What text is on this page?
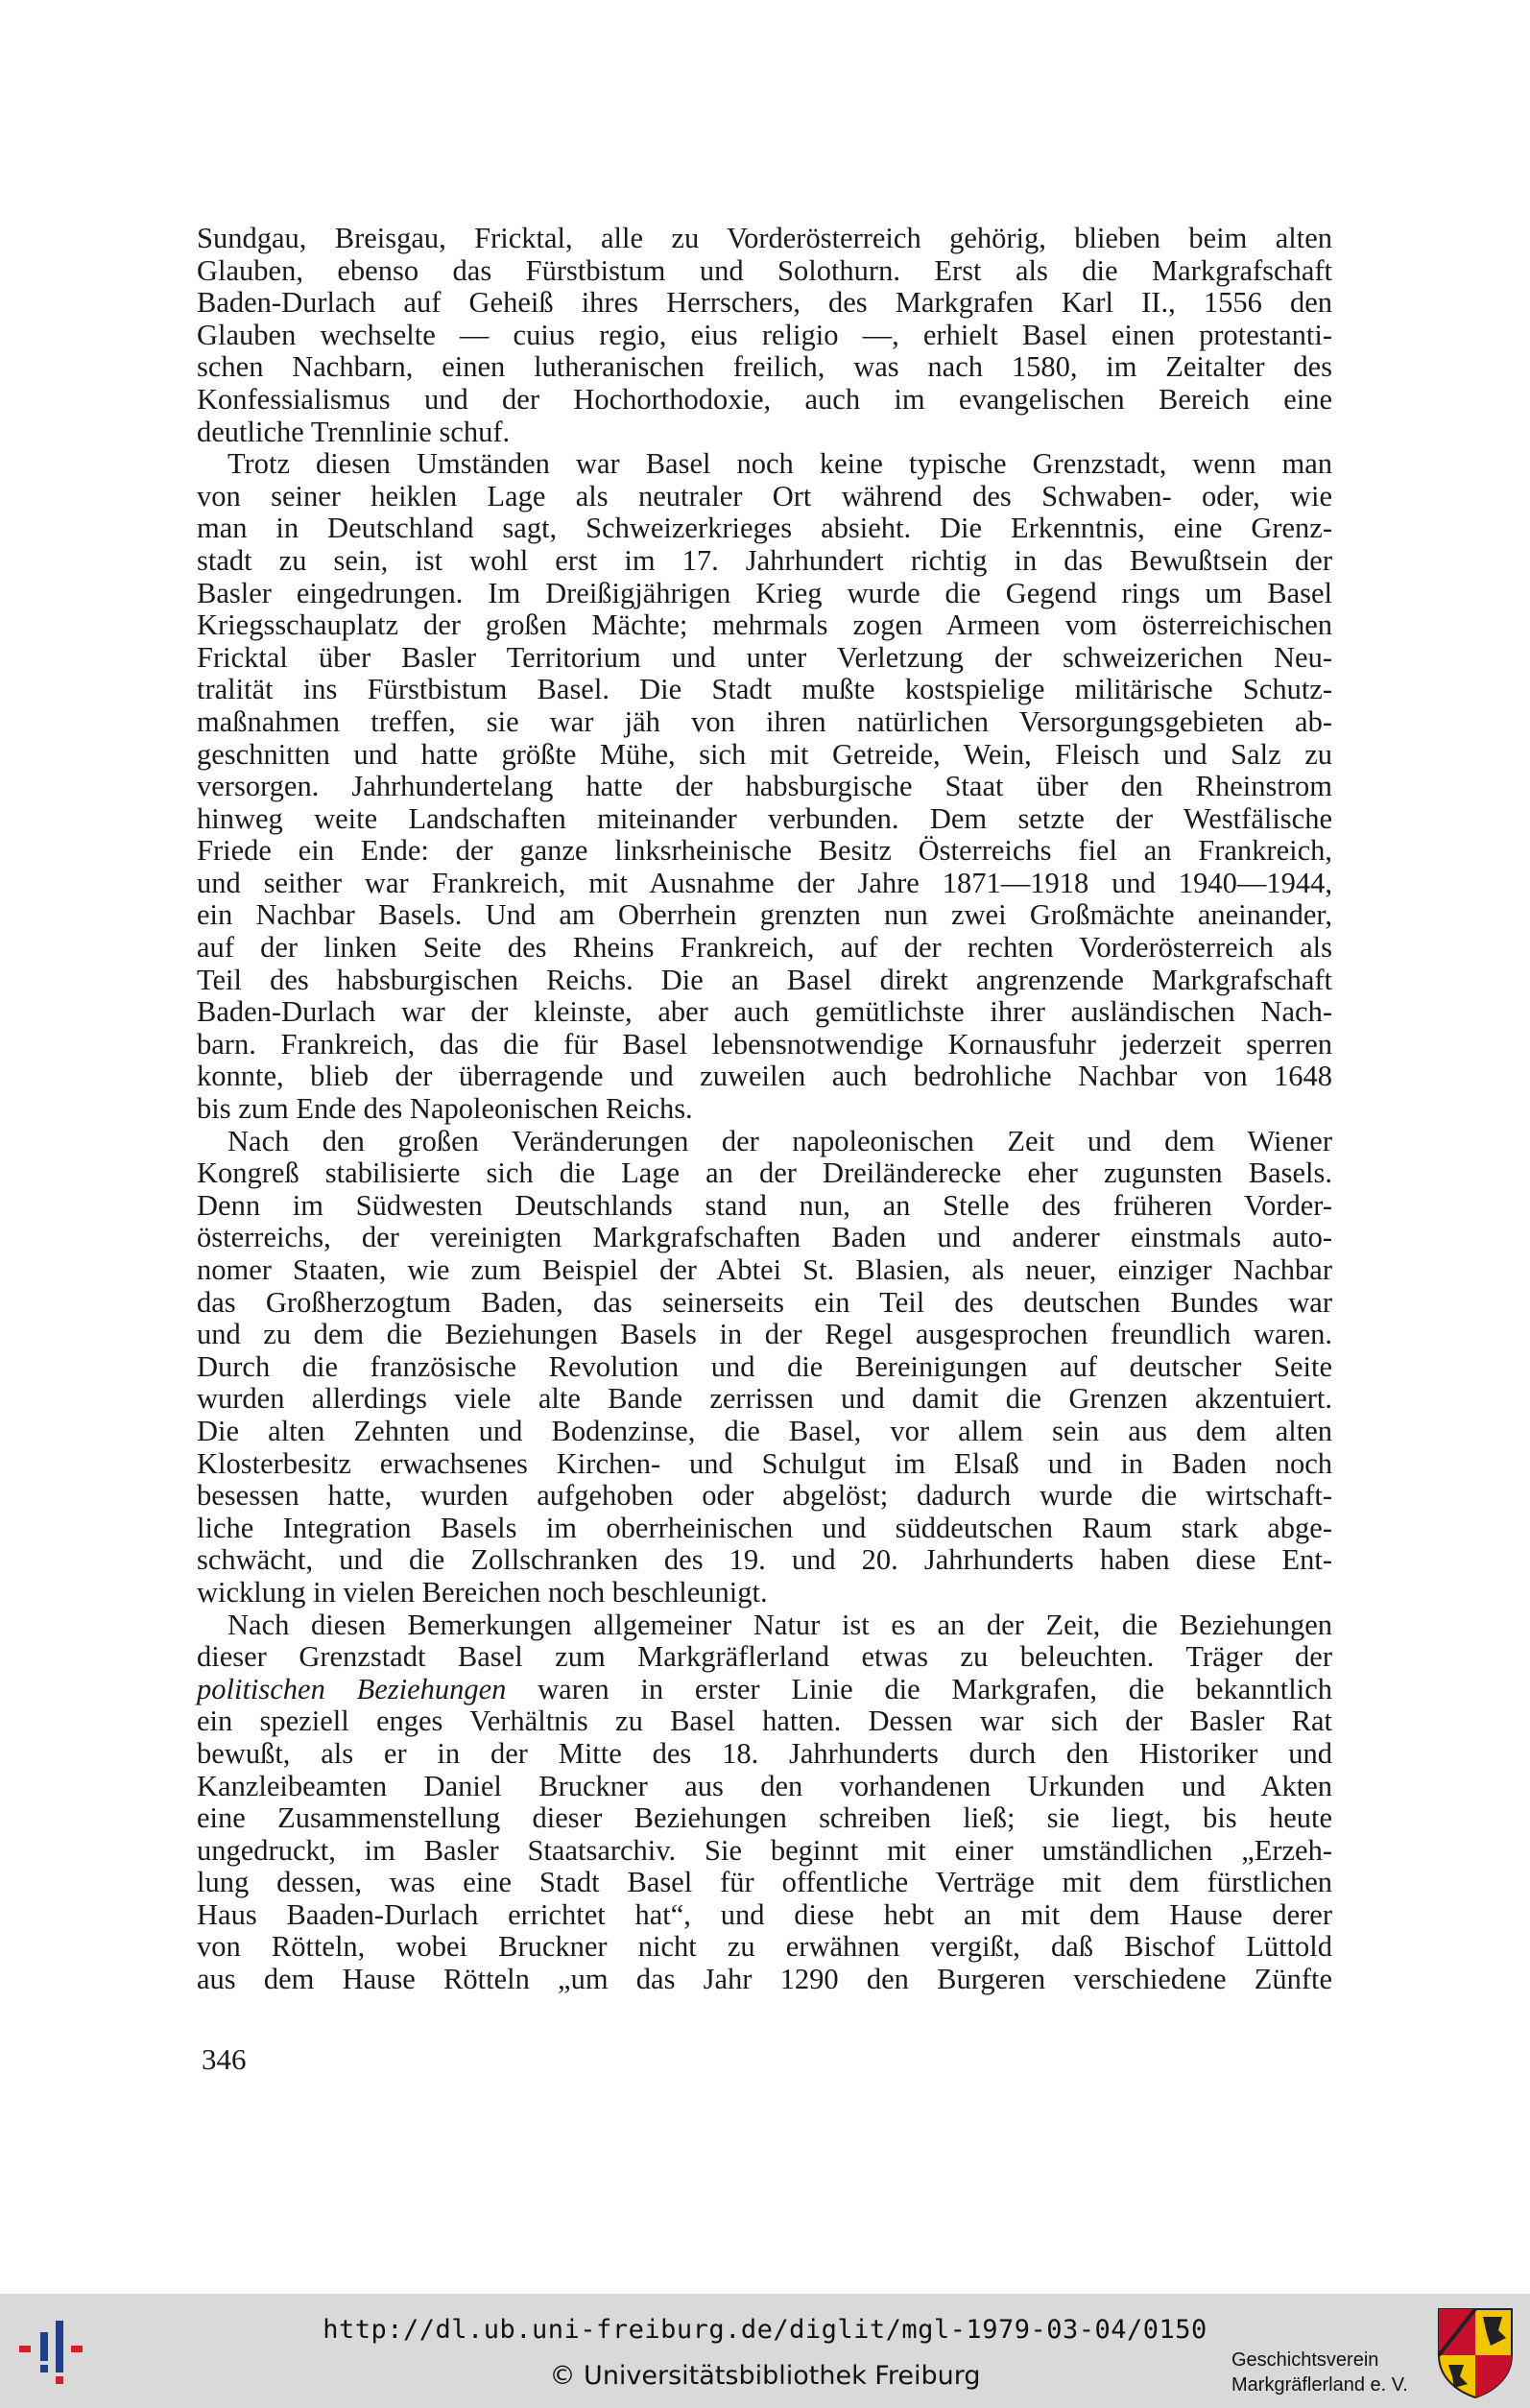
Sundgau, Breisgau, Fricktal, alle zu Vorderösterreich gehörig, blieben beim alten
Glauben, ebenso das Fürstbistum und Solothurn. Erst als die Markgrafschaft
Baden-Durlach auf Geheiß ihres Herrschers, des Markgrafen Karl II., 1556 den
Glauben wechselte — cuius regio, eius religio —, erhielt Basel einen protestanti-
schen Nachbarn, einen lutheranischen freilich, was nach 1580, im Zeitalter des
Konfessialismus und der Hochorthodoxie, auch im evangelischen Bereich eine
deutliche Trennlinie schuf.
Trotz diesen Umständen war Basel noch keine typische Grenzstadt, wenn man
von seiner heiklen Lage als neutraler Ort während des Schwaben- oder, wie
man in Deutschland sagt, Schweizerkrieges absieht. Die Erkenntnis, eine Grenz-
stadt zu sein, ist wohl erst im 17. Jahrhundert richtig in das Bewußtsein der
Basler eingedrungen. Im Dreißigjährigen Krieg wurde die Gegend rings um Basel
Kriegsschauplatz der großen Mächte; mehrmals zogen Armeen vom österreichischen
Fricktal über Basler Territorium und unter Verletzung der schweizerichen Neu-
tralität ins Fürstbistum Basel. Die Stadt mußte kostspielige militärische Schutz-
maßnahmen treffen, sie war jäh von ihren natürlichen Versorgungsgebieten ab-
geschnitten und hatte größte Mühe, sich mit Getreide, Wein, Fleisch und Salz zu
versorgen. Jahrhundertelang hatte der habsburgische Staat über den Rheinstrom
hinweg weite Landschaften miteinander verbunden. Dem setzte der Westfälische
Friede ein Ende: der ganze linksrheinische Besitz Österreichs fiel an Frankreich,
und seither war Frankreich, mit Ausnahme der Jahre 1871—1918 und 1940—1944,
ein Nachbar Basels. Und am Oberrhein grenzten nun zwei Großmächte aneinander,
auf der linken Seite des Rheins Frankreich, auf der rechten Vorderösterreich als
Teil des habsburgischen Reichs. Die an Basel direkt angrenzende Markgrafschaft
Baden-Durlach war der kleinste, aber auch gemütlichste ihrer ausländischen Nach-
barn. Frankreich, das die für Basel lebensnotwendige Kornausfuhr jederzeit sperren
konnte, blieb der überragende und zuweilen auch bedrohliche Nachbar von 1648
bis zum Ende des Napoleonischen Reichs.
Nach den großen Veränderungen der napoleonischen Zeit und dem Wiener
Kongreß stabilisierte sich die Lage an der Dreiländerecke eher zugunsten Basels.
Denn im Südwesten Deutschlands stand nun, an Stelle des früheren Vorder-
österreichs, der vereinigten Markgrafschaften Baden und anderer einstmals auto-
nomer Staaten, wie zum Beispiel der Abtei St. Blasien, als neuer, einziger Nachbar
das Großherzogtum Baden, das seinerseits ein Teil des deutschen Bundes war
und zu dem die Beziehungen Basels in der Regel ausgesprochen freundlich waren.
Durch die französische Revolution und die Bereinigungen auf deutscher Seite
wurden allerdings viele alte Bande zerrissen und damit die Grenzen akzentuiert.
Die alten Zehnten und Bodenzinse, die Basel, vor allem sein aus dem alten
Klosterbesitz erwachsenes Kirchen- und Schulgut im Elsaß und in Baden noch
besessen hatte, wurden aufgehoben oder abgelöst; dadurch wurde die wirtschaft-
liche Integration Basels im oberrheinischen und süddeutschen Raum stark abge-
schwächt, und die Zollschranken des 19. und 20. Jahrhunderts haben diese Ent-
wicklung in vielen Bereichen noch beschleunigt.
Nach diesen Bemerkungen allgemeiner Natur ist es an der Zeit, die Beziehungen
dieser Grenzstadt Basel zum Markgräflerland etwas zu beleuchten. Träger der
politischen Beziehungen waren in erster Linie die Markgrafen, die bekanntlich
ein speziell enges Verhältnis zu Basel hatten. Dessen war sich der Basler Rat
bewußt, als er in der Mitte des 18. Jahrhunderts durch den Historiker und
Kanzleibeamten Daniel Bruckner aus den vorhandenen Urkunden und Akten
eine Zusammenstellung dieser Beziehungen schreiben ließ; sie liegt, bis heute
ungedruckt, im Basler Staatsarchiv. Sie beginnt mit einer umständlichen „Erzeh-
lung dessen, was eine Stadt Basel für offentliche Verträge mit dem fürstlichen
Haus Baaden-Durlach errichtet hat“, und diese hebt an mit dem Hause derer
von Rötteln, wobei Bruckner nicht zu erwähnen vergißt, daß Bischof Lüttold
aus dem Hause Rötteln „um das Jahr 1290 den Burgeren verschiedene Zünfte
346
http://dl.ub.uni-freiburg.de/diglit/mgl-1979-03-04/0150
© Universitätsbibliothek Freiburg
Geschichtsverein
Markgräflerland e. V.
